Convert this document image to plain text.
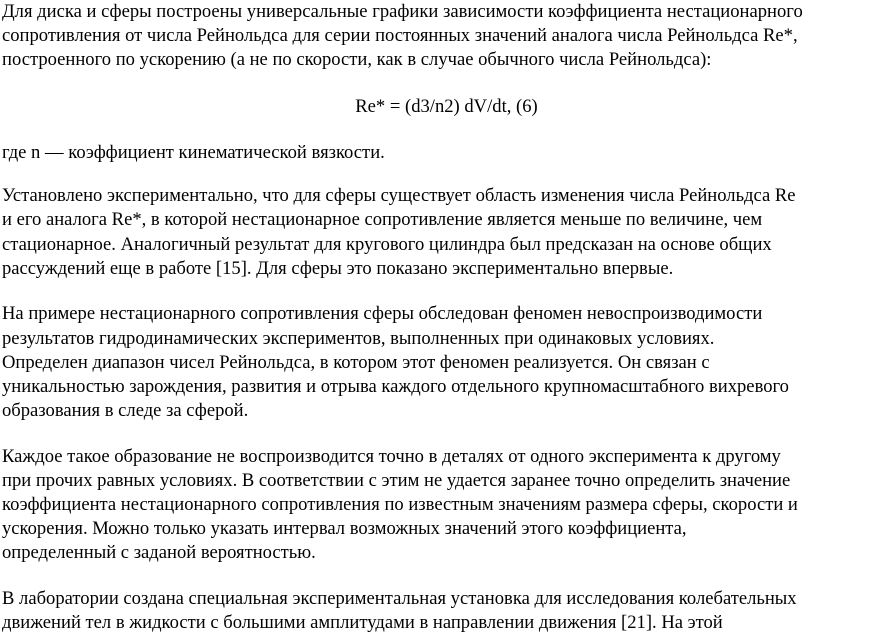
Для диска и сферы построены универсальные графики зависимости коэффициента нестационарного
сопротивления от числа Рейнольдса для серии постоянных значений аналога числа Рейнольдса Re*,
построенного по ускорению (а не по скорости, как в случае обычного числа Рейнольдса):
Re* = (d3/n2) dV/dt, (6)
где n — коэффициент кинематической вязкости.
Установлено экспериментально, что для сферы существует область изменения числа Рейнольдса Re
и его аналога Re*, в которой нестационарное сопротивление является меньше по величине, чем
стационарное. Аналогичный результат для кругового цилиндра был предсказан на основе общих
рассуждений еще в работе [15]. Для сферы это показано экспериментально впервые.
На примере нестационарного сопротивления сферы обследован феномен невоспроизводимости
результатов гидродинамических экспериментов, выполненных при одинаковых условиях.
Определен диапазон чисел Рейнольдса, в котором этот феномен реализуется. Он связан с
уникальностью зарождения, развития и отрыва каждого отдельного крупномасштабного вихревого
образования в следе за сферой.
Каждое такое образование не воспроизводится точно в деталях от одного эксперимента к другому
при прочих равных условиях. В соответствии с этим не удается заранее точно определить значение
коэффициента нестационарного сопротивления по известным значениям размера сферы, скорости и
ускорения. Можно только указать интервал возможных значений этого коэффициента,
определенный с заданой вероятностью.
В лаборатории создана специальная экспериментальная установка для исследования колебательных
движений тел в жидкости с большими амплитудами в направлении движения [21]. На этой
